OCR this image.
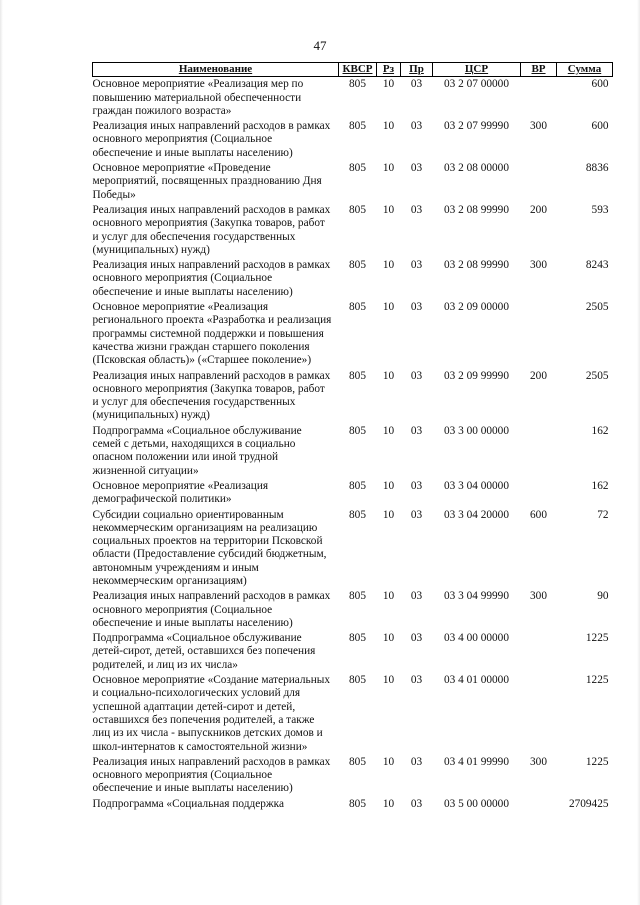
47
Наименование	КВСР	Рз	Пр	ЦСР	ВР	Сумма
Основное мероприятие «Реализация мер по повышению материальной обеспеченности граждан пожилого возраста»	805	10	03	03 2 07 00000		600
Реализация иных направлений расходов в рамках основного мероприятия (Социальное обеспечение и иные выплаты населению)	805	10	03	03 2 07 99990	300	600
Основное мероприятие «Проведение мероприятий, посвященных празднованию Дня Победы»	805	10	03	03 2 08 00000		8836
Реализация иных направлений расходов в рамках основного мероприятия (Закупка товаров, работ и услуг для обеспечения государственных (муниципальных) нужд)	805	10	03	03 2 08 99990	200	593
Реализация иных направлений расходов в рамках основного мероприятия (Социальное обеспечение и иные выплаты населению)	805	10	03	03 2 08 99990	300	8243
Основное мероприятие «Реализация регионального проекта «Разработка и реализация программы системной поддержки и повышения качества жизни граждан старшего поколения (Псковская область)» («Старшее поколение»)	805	10	03	03 2 09 00000		2505
Реализация иных направлений расходов в рамках основного мероприятия (Закупка товаров, работ и услуг для обеспечения государственных (муниципальных) нужд)	805	10	03	03 2 09 99990	200	2505
Подпрограмма «Социальное обслуживание семей с детьми, находящихся в социально опасном положении или иной трудной жизненной ситуации»	805	10	03	03 3 00 00000		162
Основное мероприятие «Реализация демографической политики»	805	10	03	03 3 04 00000		162
Субсидии социально ориентированным некоммерческим организациям на реализацию социальных проектов на территории Псковской области (Предоставление субсидий бюджетным, автономным учреждениям и иным некоммерческим организациям)	805	10	03	03 3 04 20000	600	72
Реализация иных направлений расходов в рамках основного мероприятия (Социальное обеспечение и иные выплаты населению)	805	10	03	03 3 04 99990	300	90
Подпрограмма «Социальное обслуживание детей-сирот, детей, оставшихся без попечения родителей, и лиц из их числа»	805	10	03	03 4 00 00000		1225
Основное мероприятие «Создание материальных и социально-психологических условий для успешной адаптации детей-сирот и детей, оставшихся без попечения родителей, а также лиц из их числа - выпускников детских домов и школ-интернатов к самостоятельной жизни»	805	10	03	03 4 01 00000		1225
Реализация иных направлений расходов в рамках основного мероприятия (Социальное обеспечение и иные выплаты населению)	805	10	03	03 4 01 99990	300	1225
Подпрограмма «Социальная поддержка	805	10	03	03 5 00 00000		2709425
